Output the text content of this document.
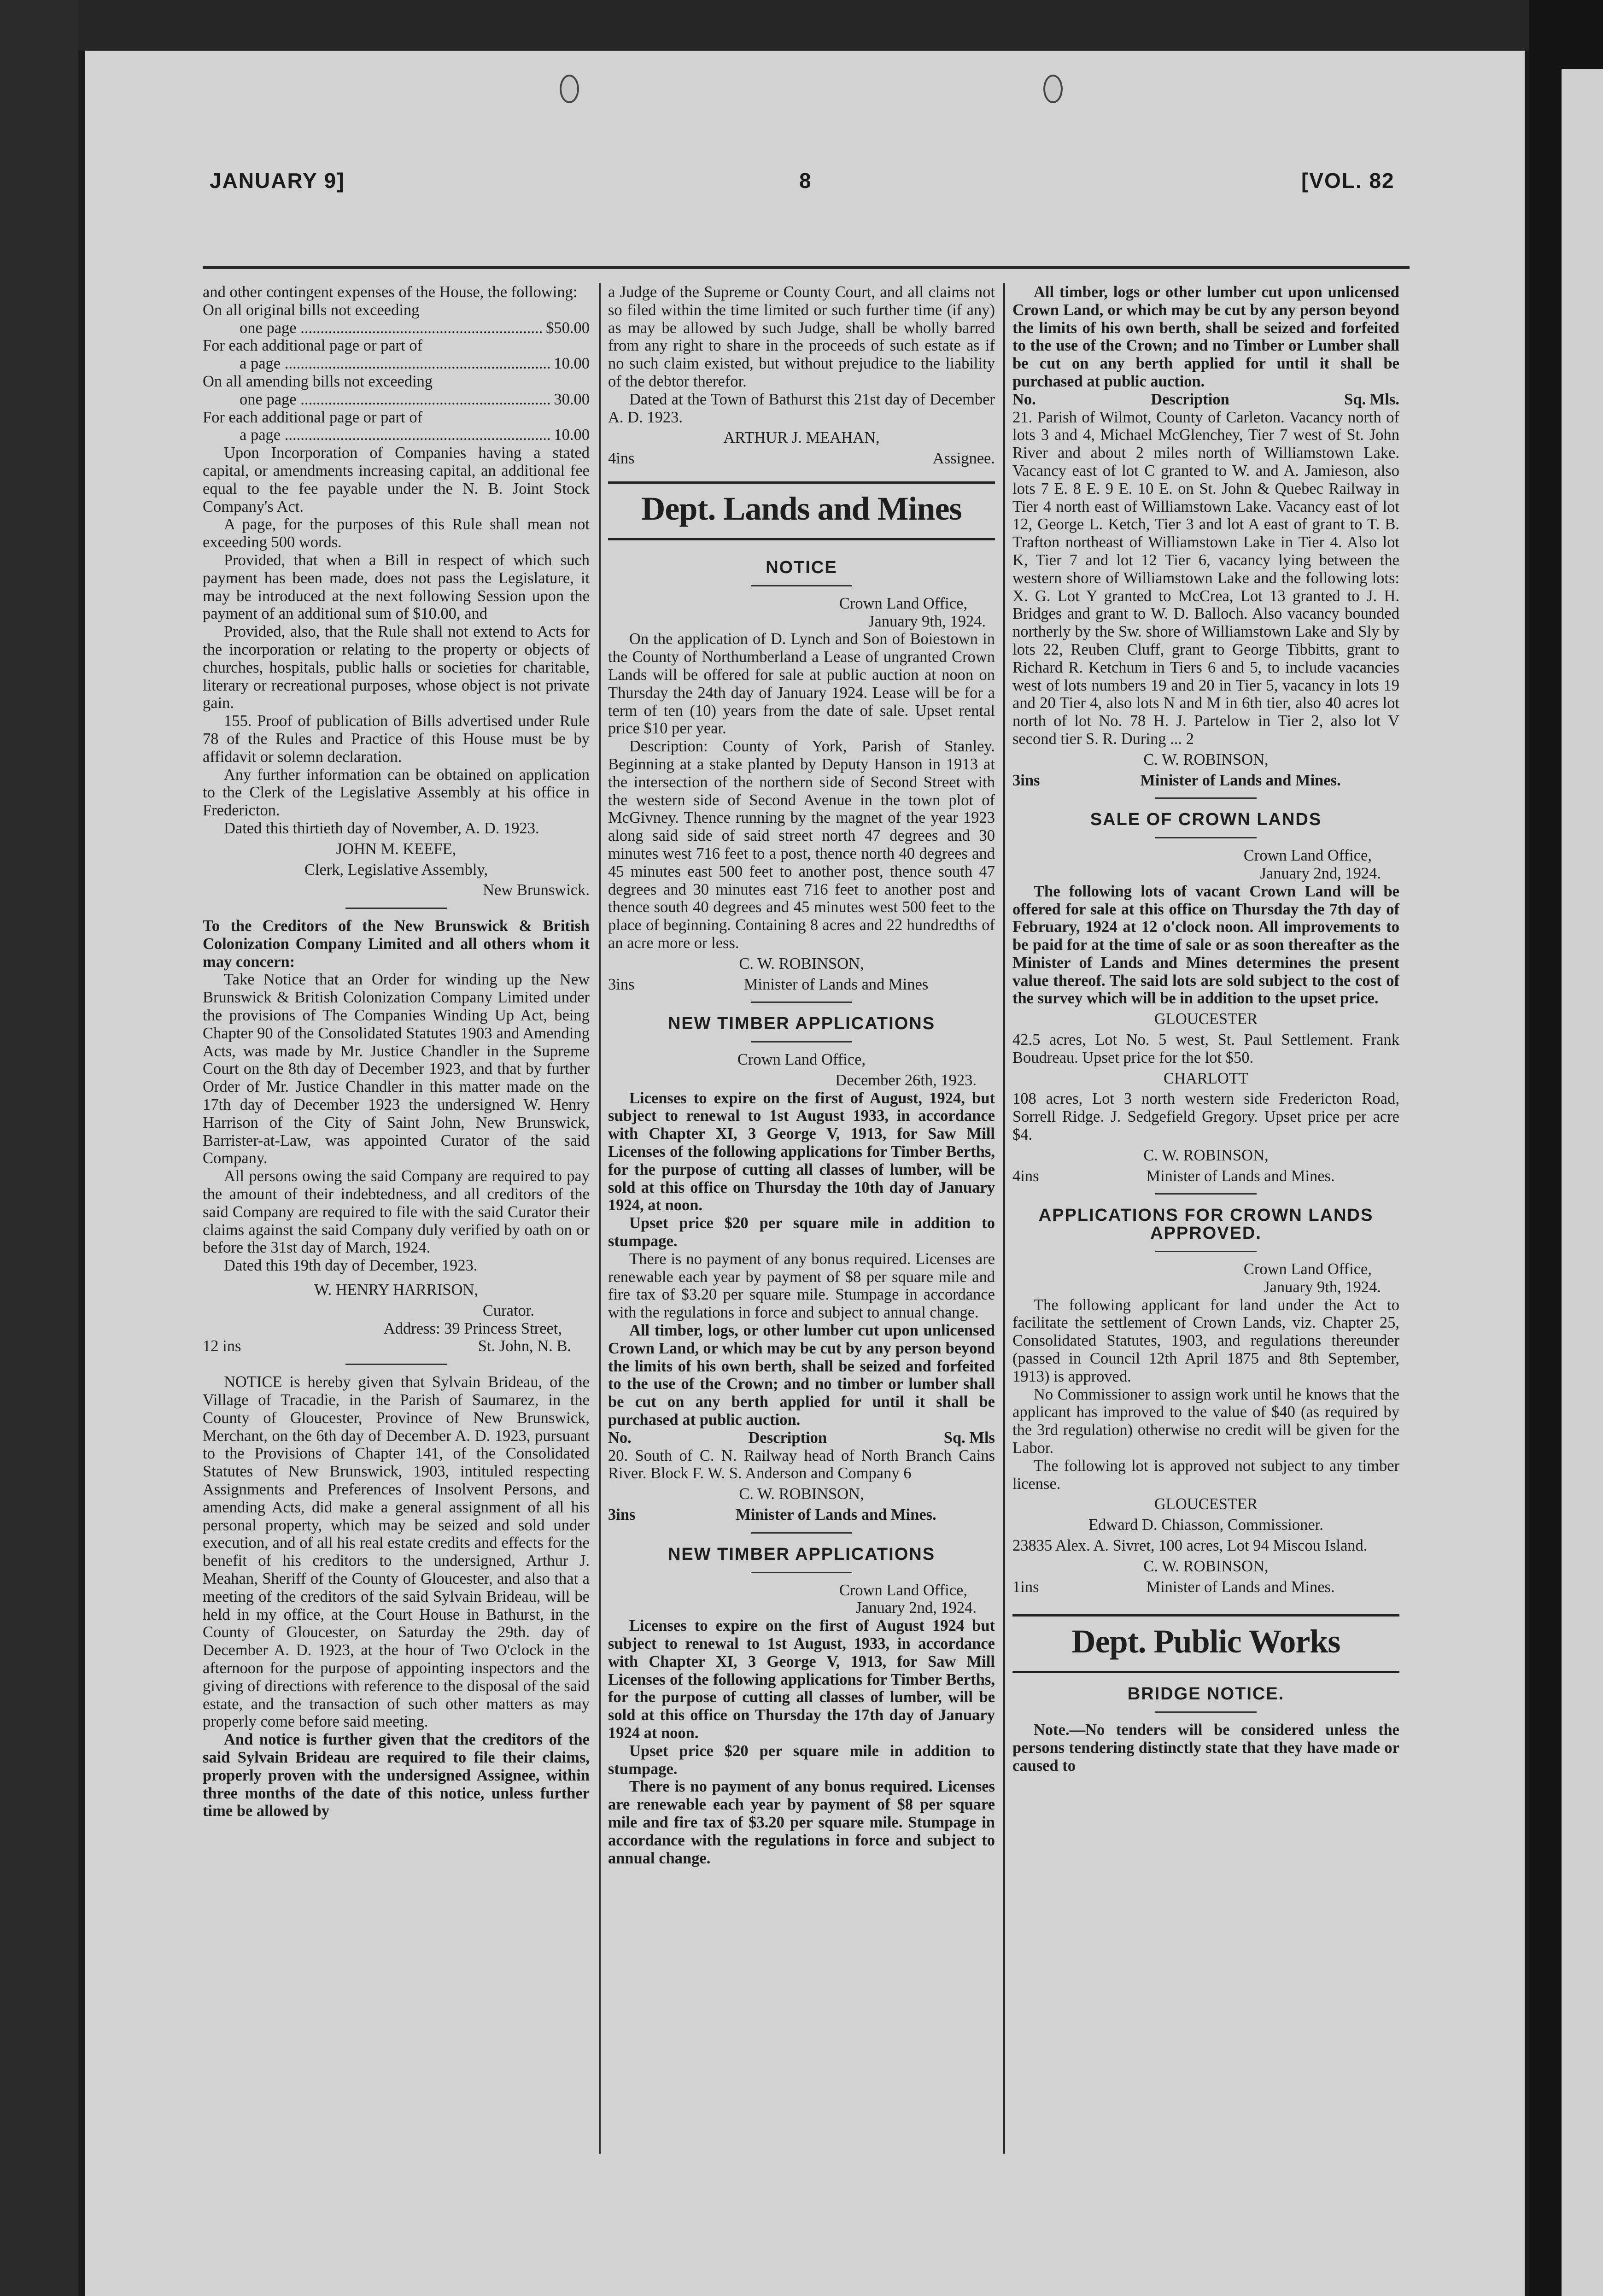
JANUARY 9]	8	[VOL. 82

and other contingent expenses of the House, the following:

On all original bills not exceeding

one page .....	$50.00

For each additional page or part of

a page .....	10.00

On all amending bills not exceeding

one page .....	30.00

For each additional page or part of

a page .....	10.00

Upon Incorporation of Companies having a stated capital, or amendments increasing capital, an additional fee equal to the fee payable under the N. B. Joint Stock Company's Act.

A page, for the purposes of this Rule shall mean not exceeding 500 words.

Provided, that when a Bill in respect of which such payment has been made, does not pass the Legislature, it may be introduced at the next following Session upon the payment of an additional sum of $10.00, and

Provided, also, that the Rule shall not extend to Acts for the incorporation or relating to the property or objects of churches, hospitals, public halls or societies for charitable, literary or recreational purposes, whose object is not private gain.

155. Proof of publication of Bills advertised under Rule 78 of the Rules and Practice of this House must be by affidavit or solemn declaration.

Any further information can be obtained on application to the Clerk of the Legislative Assembly at his office in Fredericton.

Dated this thirtieth day of November, A. D. 1923.

JOHN M. KEEFE,
Clerk, Legislative Assembly,
New Brunswick.

To the Creditors of the New Brunswick & British Colonization Company Limited and all others whom it may concern:

Take Notice that an Order for winding up the New Brunswick & British Colonization Company Limited under the provisions of The Companies Winding Up Act, being Chapter 90 of the Consolidated Statutes 1903 and Amending Acts, was made by Mr. Justice Chandler in the Supreme Court on the 8th day of December 1923, and that by further Order of Mr. Justice Chandler in this matter made on the 17th day of December 1923 the undersigned W. Henry Harrison of the City of Saint John, New Brunswick, Barrister-at-Law, was appointed Curator of the said Company.

All persons owing the said Company are required to pay the amount of their indebtedness, and all creditors of the said Company are required to file with the said Curator their claims against the said Company duly verified by oath on or before the 31st day of March, 1924.

Dated this 19th day of December, 1923.

W. HENRY HARRISON,
Curator.
Address: 39 Princess Street,
12 ins	St. John, N. B.

NOTICE is hereby given that Sylvain Brideau, of the Village of Tracadie, in the Parish of Saumarez, in the County of Gloucester, Province of New Brunswick, Merchant, on the 6th day of December A. D. 1923, pursuant to the Provisions of Chapter 141, of the Consolidated Statutes of New Brunswick, 1903, intituled respecting Assignments and Preferences of Insolvent Persons, and amending Acts, did make a general assignment of all his personal property, which may be seized and sold under execution, and of all his real estate credits and effects for the benefit of his creditors to the undersigned, Arthur J. Meahan, Sheriff of the County of Gloucester, and also that a meeting of the creditors of the said Sylvain Brideau, will be held in my office, at the Court House in Bathurst, in the County of Gloucester, on Saturday the 29th. day of December A. D. 1923, at the hour of Two O'clock in the afternoon for the purpose of appointing inspectors and the giving of directions with reference to the disposal of the said estate, and the transaction of such other matters as may properly come before said meeting.

And notice is further given that the creditors of the said Sylvain Brideau are required to file their claims, properly proven with the undersigned Assignee, within three months of the date of this notice, unless further time be allowed by

a Judge of the Supreme or County Court, and all claims not so filed within the time limited or such further time (if any) as may be allowed by such Judge, shall be wholly barred from any right to share in the proceeds of such estate as if no such claim existed, but without prejudice to the liability of the debtor therefor.

Dated at the Town of Bathurst this 21st day of December A. D. 1923.

ARTHUR J. MEAHAN,
4ins	Assignee.
Dept. Lands and Mines
NOTICE
Crown Land Office,
January 9th, 1924.

On the application of D. Lynch and Son of Boiestown in the County of Northumberland a Lease of ungranted Crown Lands will be offered for sale at public auction at noon on Thursday the 24th day of January 1924. Lease will be for a term of ten (10) years from the date of sale. Upset rental price $10 per year.

Description: County of York, Parish of Stanley. Beginning at a stake planted by Deputy Hanson in 1913 at the intersection of the northern side of Second Street with the western side of Second Avenue in the town plot of McGivney. Thence running by the magnet of the year 1923 along said side of said street north 47 degrees and 30 minutes west 716 feet to a post, thence north 40 degrees and 45 minutes east 500 feet to another post, thence south 47 degrees and 30 minutes east 716 feet to another post and thence south 40 degrees and 45 minutes west 500 feet to the place of beginning. Containing 8 acres and 22 hundredths of an acre more or less.

C. W. ROBINSON,
3ins	Minister of Lands and Mines
NEW TIMBER APPLICATIONS
Crown Land Office,
December 26th, 1923.

Licenses to expire on the first of August, 1924, but subject to renewal to 1st August 1933, in accordance with Chapter XI, 3 George V, 1913, for Saw Mill Licenses of the following applications for Timber Berths, for the purpose of cutting all classes of lumber, will be sold at this office on Thursday the 10th day of January 1924, at noon.

Upset price $20 per square mile in addition to stumpage.

There is no payment of any bonus required. Licenses are renewable each year by payment of $8 per square mile and fire tax of $3.20 per square mile. Stumpage in accordance with the regulations in force and subject to annual change.

All timber, logs, or other lumber cut upon unlicensed Crown Land, or which may be cut by any person beyond the limits of his own berth, shall be seized and forfeited to the use of the Crown; and no timber or lumber shall be cut on any berth applied for until it shall be purchased at public auction.

No.	Description	Sq. Mls

20. South of C. N. Railway head of North Branch Cains River. Block F. W. S. Anderson and Company 6

C. W. ROBINSON,
3ins	Minister of Lands and Mines.
NEW TIMBER APPLICATIONS
Crown Land Office,
January 2nd, 1924.

Licenses to expire on the first of August 1924 but subject to renewal to 1st August, 1933, in accordance with Chapter XI, 3 George V, 1913, for Saw Mill Licenses of the following applications for Timber Berths, for the purpose of cutting all classes of lumber, will be sold at this office on Thursday the 17th day of January 1924 at noon.

Upset price $20 per square mile in addition to stumpage.

There is no payment of any bonus required. Licenses are renewable each year by payment of $8 per square mile and fire tax of $3.20 per square mile. Stumpage in accordance with the regulations in force and subject to annual change.

All timber, logs or other lumber cut upon unlicensed Crown Land, or which may be cut by any person beyond the limits of his own berth, shall be seized and forfeited to the use of the Crown; and no Timber or Lumber shall be cut on any berth applied for until it shall be purchased at public auction.

No.	Description	Sq. Mls.

21. Parish of Wilmot, County of Carleton. Vacancy north of lots 3 and 4, Michael McGlenchey, Tier 7 west of St. John River and about 2 miles north of Williamstown Lake. Vacancy east of lot C granted to W. and A. Jamieson, also lots 7 E. 8 E. 9 E. 10 E. on St. John & Quebec Railway in Tier 4 north east of Williamstown Lake. Vacancy east of lot 12, George L. Ketch, Tier 3 and lot A east of grant to T. B. Trafton northeast of Williamstown Lake in Tier 4. Also lot K, Tier 7 and lot 12 Tier 6, vacancy lying between the western shore of Williamstown Lake and the following lots: X. G. Lot Y granted to McCrea, Lot 13 granted to J. H. Bridges and grant to W. D. Balloch. Also vacancy bounded northerly by the Sw. shore of Williamstown Lake and Sly by lots 22, Reuben Cluff, grant to George Tibbitts, grant to Richard R. Ketchum in Tiers 6 and 5, to include vacancies west of lots numbers 19 and 20 in Tier 5, vacancy in lots 19 and 20 Tier 4, also lots N and M in 6th tier, also 40 acres lot north of lot No. 78 H. J. Partelow in Tier 2, also lot V second tier S. R. During ... 2

C. W. ROBINSON,
3ins	Minister of Lands and Mines.
SALE OF CROWN LANDS
Crown Land Office,
January 2nd, 1924.

The following lots of vacant Crown Land will be offered for sale at this office on Thursday the 7th day of February, 1924 at 12 o'clock noon. All improvements to be paid for at the time of sale or as soon thereafter as the Minister of Lands and Mines determines the present value thereof. The said lots are sold subject to the cost of the survey which will be in addition to the upset price.

GLOUCESTER

42.5 acres, Lot No. 5 west, St. Paul Settlement. Frank Boudreau. Upset price for the lot $50.

CHARLOTT

108 acres, Lot 3 north western side Fredericton Road, Sorrell Ridge. J. Sedgefield Gregory. Upset price per acre $4.

C. W. ROBINSON,
4ins	Minister of Lands and Mines.
APPLICATIONS FOR CROWN LANDS APPROVED.
Crown Land Office,
January 9th, 1924.

The following applicant for land under the Act to facilitate the settlement of Crown Lands, viz. Chapter 25, Consolidated Statutes, 1903, and regulations thereunder (passed in Council 12th April 1875 and 8th September, 1913) is approved.

No Commissioner to assign work until he knows that the applicant has improved to the value of $40 (as required by the 3rd regulation) otherwise no credit will be given for the Labor.

The following lot is approved not subject to any timber license.

GLOUCESTER
Edward D. Chiasson, Commissioner.

23835 Alex. A. Sivret, 100 acres, Lot 94 Miscou Island.

C. W. ROBINSON,
1ins	Minister of Lands and Mines.
Dept. Public Works
BRIDGE NOTICE.

Note.—No tenders will be considered unless the persons tendering distinctly state that they have made or caused to
